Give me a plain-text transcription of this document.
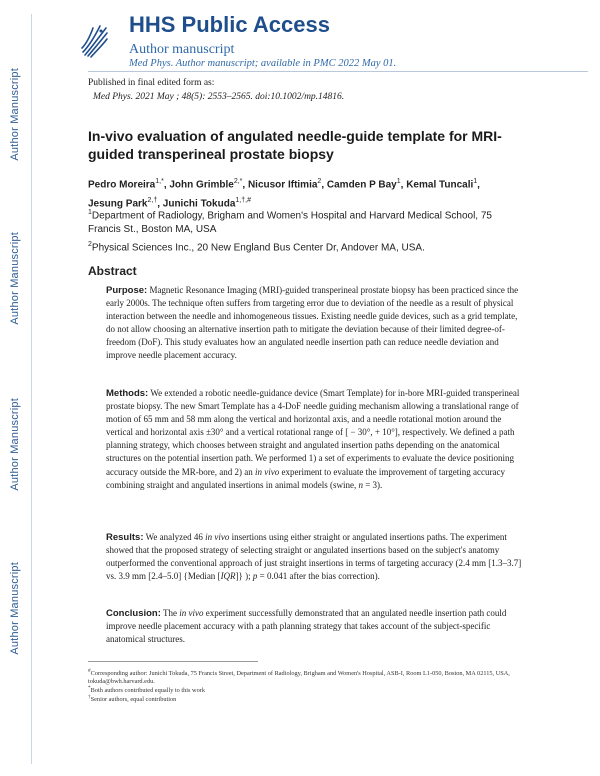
Author Manuscript
Author Manuscript
Author Manuscript
Author Manuscript
HHS Public Access
Author manuscript
Med Phys. Author manuscript; available in PMC 2022 May 01.
Published in final edited form as:
Med Phys. 2021 May ; 48(5): 2553–2565. doi:10.1002/mp.14816.
In-vivo evaluation of angulated needle-guide template for MRI-guided transperineal prostate biopsy
Pedro Moreira$^{1,*}$, John Grimble$^{2,*}$, Nicusor Iftimia$^2$, Camden P Bay$^1$, Kemal Tuncali$^1$,
Jesung Park$^{2,\dagger}$, Junichi Tokuda$^{1,\dagger,\#}$
$^1$Department of Radiology, Brigham and Women's Hospital and Harvard Medical School, 75 Francis St., Boston MA, USA
$^2$Physical Sciences Inc., 20 New England Bus Center Dr, Andover MA, USA.
Abstract

Purpose: Magnetic Resonance Imaging (MRI)-guided transperineal prostate biopsy has been practiced since the early 2000s. The technique often suffers from targeting error due to deviation of the needle as a result of physical interaction between the needle and inhomogeneous tissues. Existing needle guide devices, such as a grid template, do not allow choosing an alternative insertion path to mitigate the deviation because of their limited degree-of-freedom (DoF). This study evaluates how an angulated needle insertion path can reduce needle deviation and improve needle placement accuracy.

Methods: We extended a robotic needle-guidance device (Smart Template) for in-bore MRI-guided transperineal prostate biopsy. The new Smart Template has a 4-DoF needle guiding mechanism allowing a translational range of motion of 65 mm and 58 mm along the vertical and horizontal axis, and a needle rotational motion around the vertical and horizontal axis ±30° and a vertical rotational range of [ − 30°, + 10°], respectively. We defined a path planning strategy, which chooses between straight and angulated insertion paths depending on the anatomical structures on the potential insertion path. We performed 1) a set of experiments to evaluate the device positioning accuracy outside the MR-bore, and 2) an in vivo experiment to evaluate the improvement of targeting accuracy combining straight and angulated insertions in animal models (swine, n = 3).

Results: We analyzed 46 in vivo insertions using either straight or angulated insertions paths. The experiment showed that the proposed strategy of selecting straight or angulated insertions based on the subject's anatomy outperformed the conventional approach of just straight insertions in terms of targeting accuracy (2.4 mm [1.3–3.7] vs. 3.9 mm [2.4–5.0] {Median [IQR]} ); p = 0.041 after the bias correction).

Conclusion: The in vivo experiment successfully demonstrated that an angulated needle insertion path could improve needle placement accuracy with a path planning strategy that takes account of the subject-specific anatomical structures.

#Corresponding author: Junichi Tokuda, 75 Francis Street, Department of Radiology, Brigham and Women's Hospital, ASB-I, Room L1-050, Boston, MA 02115, USA, tokuda@bwh.harvard.edu.

*Both authors contributed equally to this work

†Senior authors, equal contribution
